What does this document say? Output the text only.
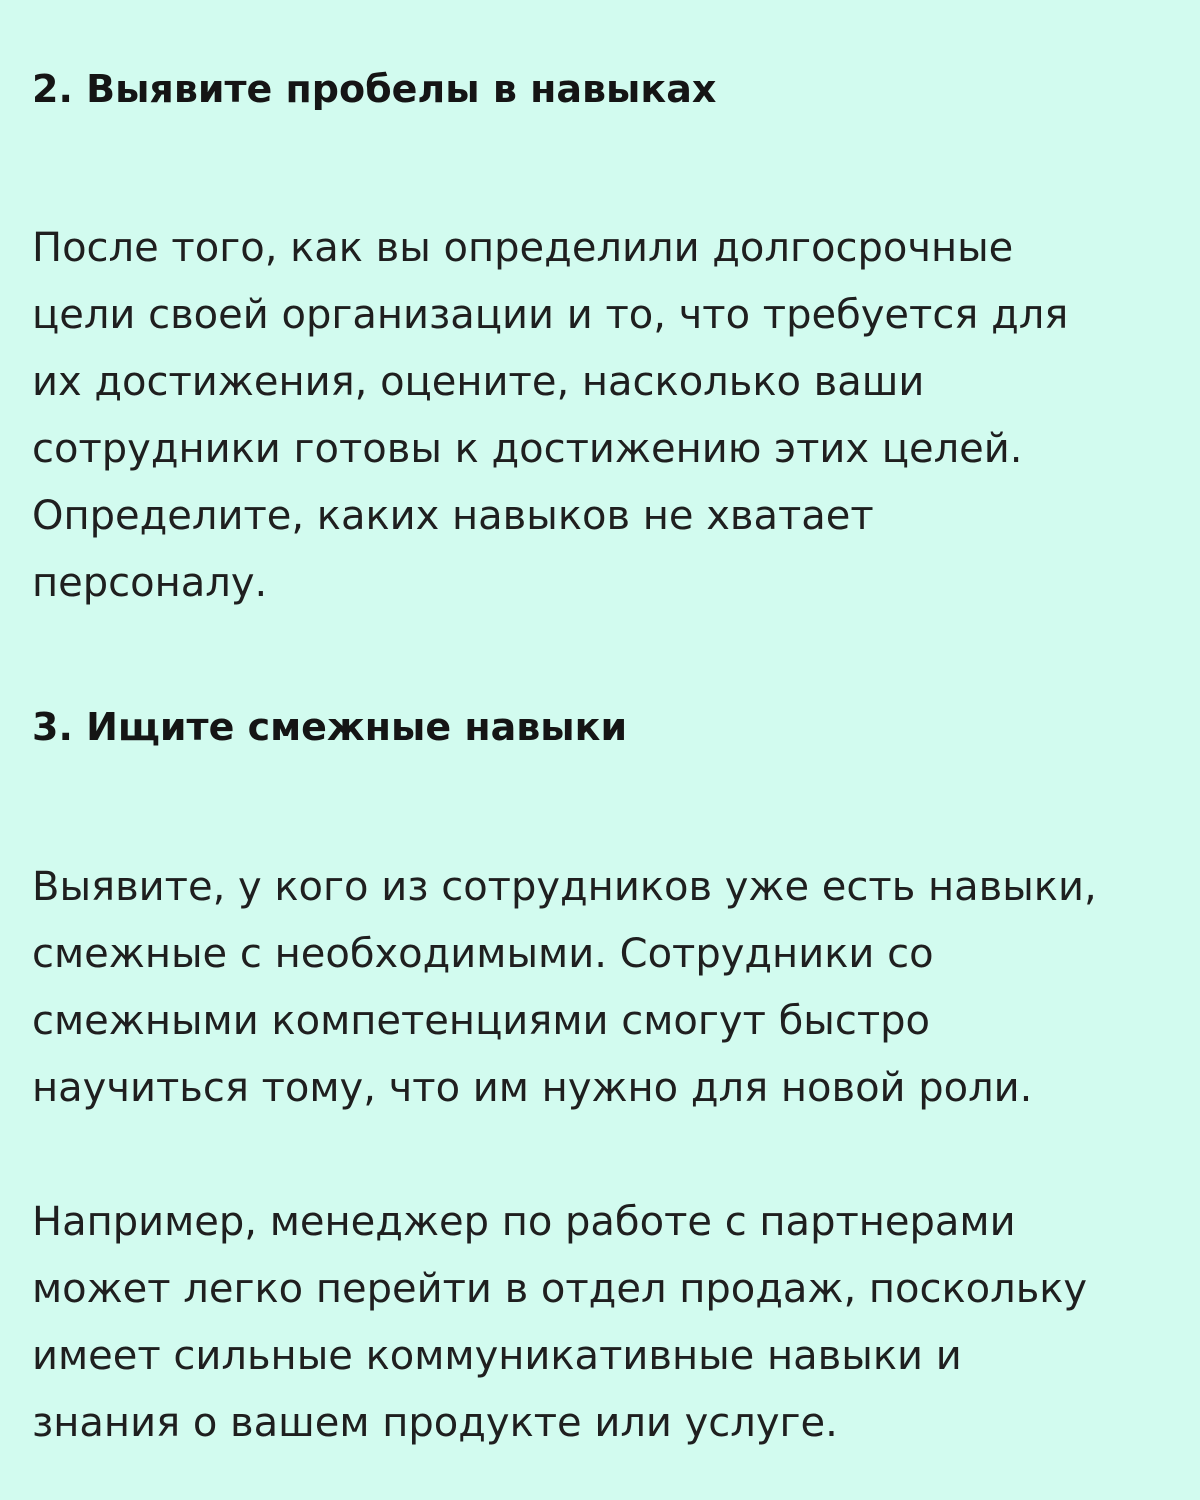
2. Выявите пробелы в навыках

После того, как вы определили долгосрочные
цели своей организации и то, что требуется для
их достижения, оцените, насколько ваши
сотрудники готовы к достижению этих целей.
Определите, каких навыков не хватает
персоналу.

3. Ищите смежные навыки

Выявите, у кого из сотрудников уже есть навыки,
смежные с необходимыми. Сотрудники со
смежными компетенциями смогут быстро
научиться тому, что им нужно для новой роли.

Например, менеджер по работе с партнерами
может легко перейти в отдел продаж, поскольку
имеет сильные коммуникативные навыки и
знания о вашем продукте или услуге.
